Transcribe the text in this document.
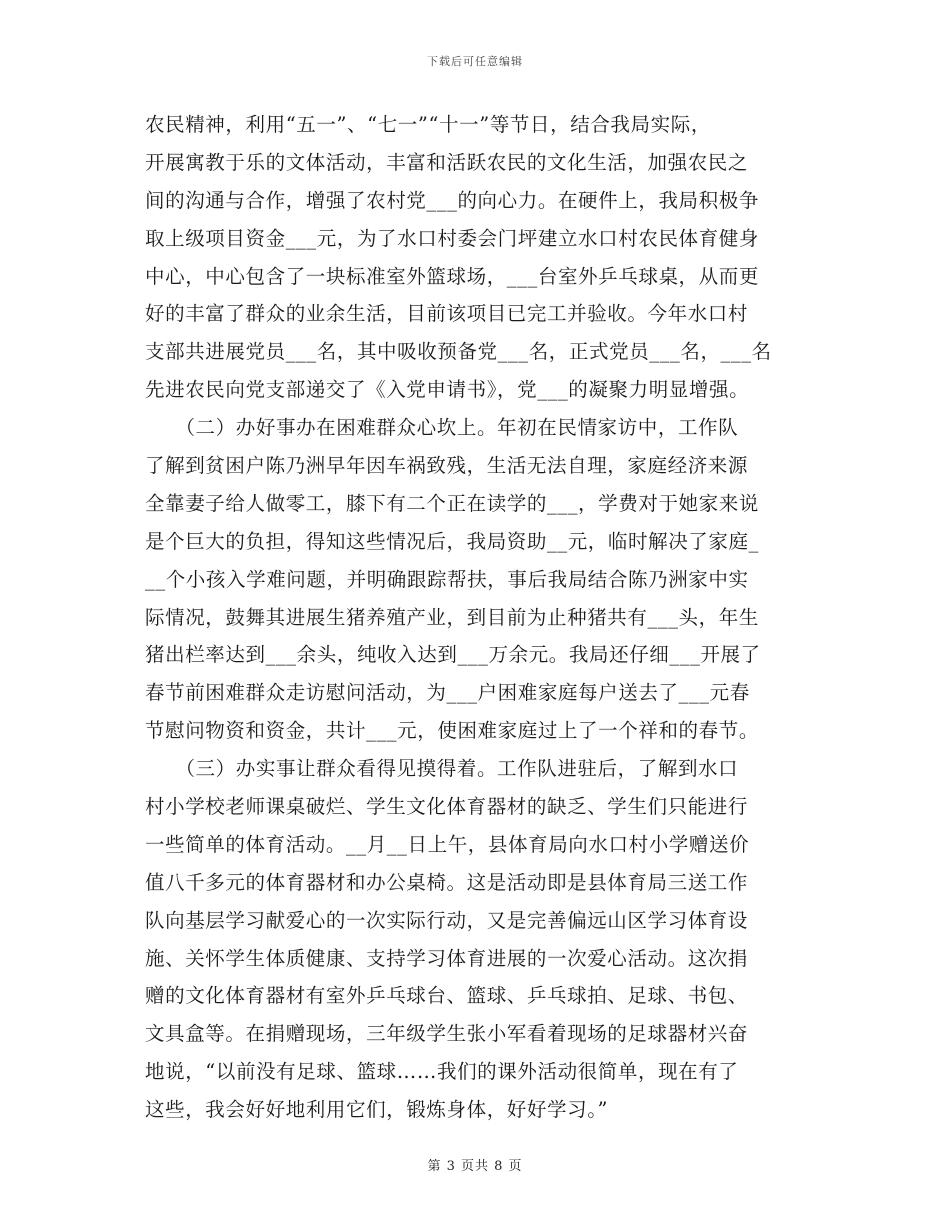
下载后可任意编辑
农民精神，利用“五一”、“七一”“十一”等节日，结合我局实际，
开展寓教于乐的文体活动，丰富和活跃农民的文化生活，加强农民之
间的沟通与合作，增强了农村党___的向心力。在硬件上，我局积极争
取上级项目资金___元，为了水口村委会门坪建立水口村农民体育健身
中心，中心包含了一块标准室外篮球场，___台室外乒乓球桌，从而更
好的丰富了群众的业余生活，目前该项目已完工并验收。今年水口村
支部共进展党员___名，其中吸收预备党___名，正式党员___名，___名
先进农民向党支部递交了《入党申请书》，党___的凝聚力明显增强。
　　（二）办好事办在困难群众心坎上。年初在民情家访中，工作队
了解到贫困户陈乃洲早年因车祸致残，生活无法自理，家庭经济来源
全靠妻子给人做零工，膝下有二个正在读学的___，学费对于她家来说
是个巨大的负担，得知这些情况后，我局资助__元，临时解决了家庭_
__个小孩入学难问题，并明确跟踪帮扶，事后我局结合陈乃洲家中实
际情况，鼓舞其进展生猪养殖产业，到目前为止种猪共有___头，年生
猪出栏率达到___余头，纯收入达到___万余元。我局还仔细___开展了
春节前困难群众走访慰问活动，为___户困难家庭每户送去了___元春
节慰问物资和资金，共计___元，使困难家庭过上了一个祥和的春节。
　　（三）办实事让群众看得见摸得着。工作队进驻后，了解到水口
村小学校老师课桌破烂、学生文化体育器材的缺乏、学生们只能进行
一些简单的体育活动。__月__日上午，县体育局向水口村小学赠送价
值八千多元的体育器材和办公桌椅。这是活动即是县体育局三送工作
队向基层学习献爱心的一次实际行动，又是完善偏远山区学习体育设
施、关怀学生体质健康、支持学习体育进展的一次爱心活动。这次捐
赠的文化体育器材有室外乒乓球台、篮球、乒乓球拍、足球、书包、
文具盒等。在捐赠现场，三年级学生张小军看着现场的足球器材兴奋
地说，“以前没有足球、篮球……我们的课外活动很简单，现在有了
这些，我会好好地利用它们，锻炼身体，好好学习。”
第 3 页共 8 页
